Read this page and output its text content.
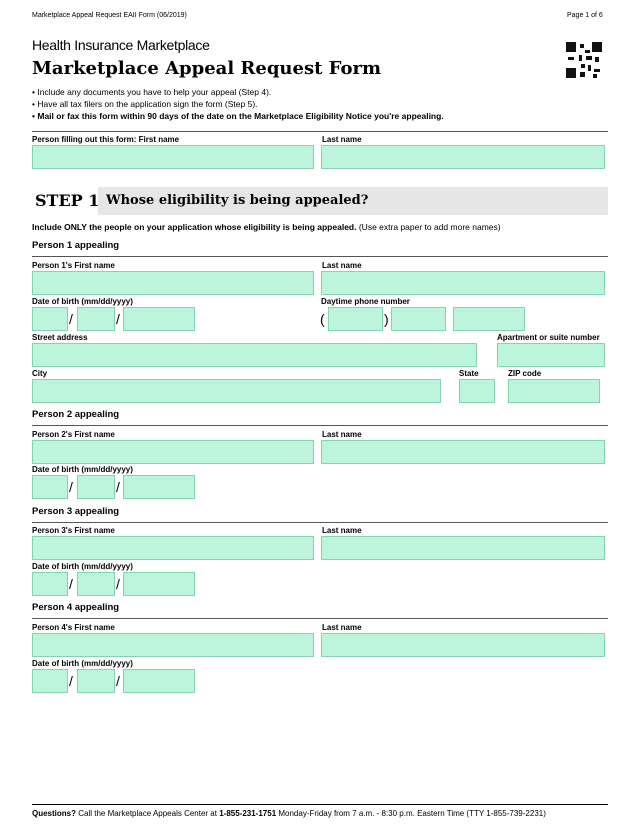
Marketplace Appeal Request EAII Form (06/2019)	Page 1 of 6
Health Insurance Marketplace
Marketplace Appeal Request Form
• Include any documents you have to help your appeal (Step 4).
• Have all tax filers on the application sign the form (Step 5).
• Mail or fax this form within 90 days of the date on the Marketplace Eligibility Notice you're appealing.
Person filling out this form: First name	Last name
STEP 1 Whose eligibility is being appealed?
Include ONLY the people on your application whose eligibility is being appealed. (Use extra paper to add more names)
Person 1 appealing
Person 1's First name	Last name
Date of birth (mm/dd/yyyy)
/	/
Daytime phone number
(	)
Street address	Apartment or suite number
City	State	ZIP code
Person 2 appealing
Person 2's First name	Last name
Date of birth (mm/dd/yyyy)
/	/
Person 3 appealing
Person 3's First name	Last name
Date of birth (mm/dd/yyyy)
/	/
Person 4 appealing
Person 4's First name	Last name
Date of birth (mm/dd/yyyy)
/	/
Questions? Call the Marketplace Appeals Center at 1-855-231-1751 Monday-Friday from 7 a.m. - 8:30 p.m. Eastern Time (TTY 1-855-739-2231)
